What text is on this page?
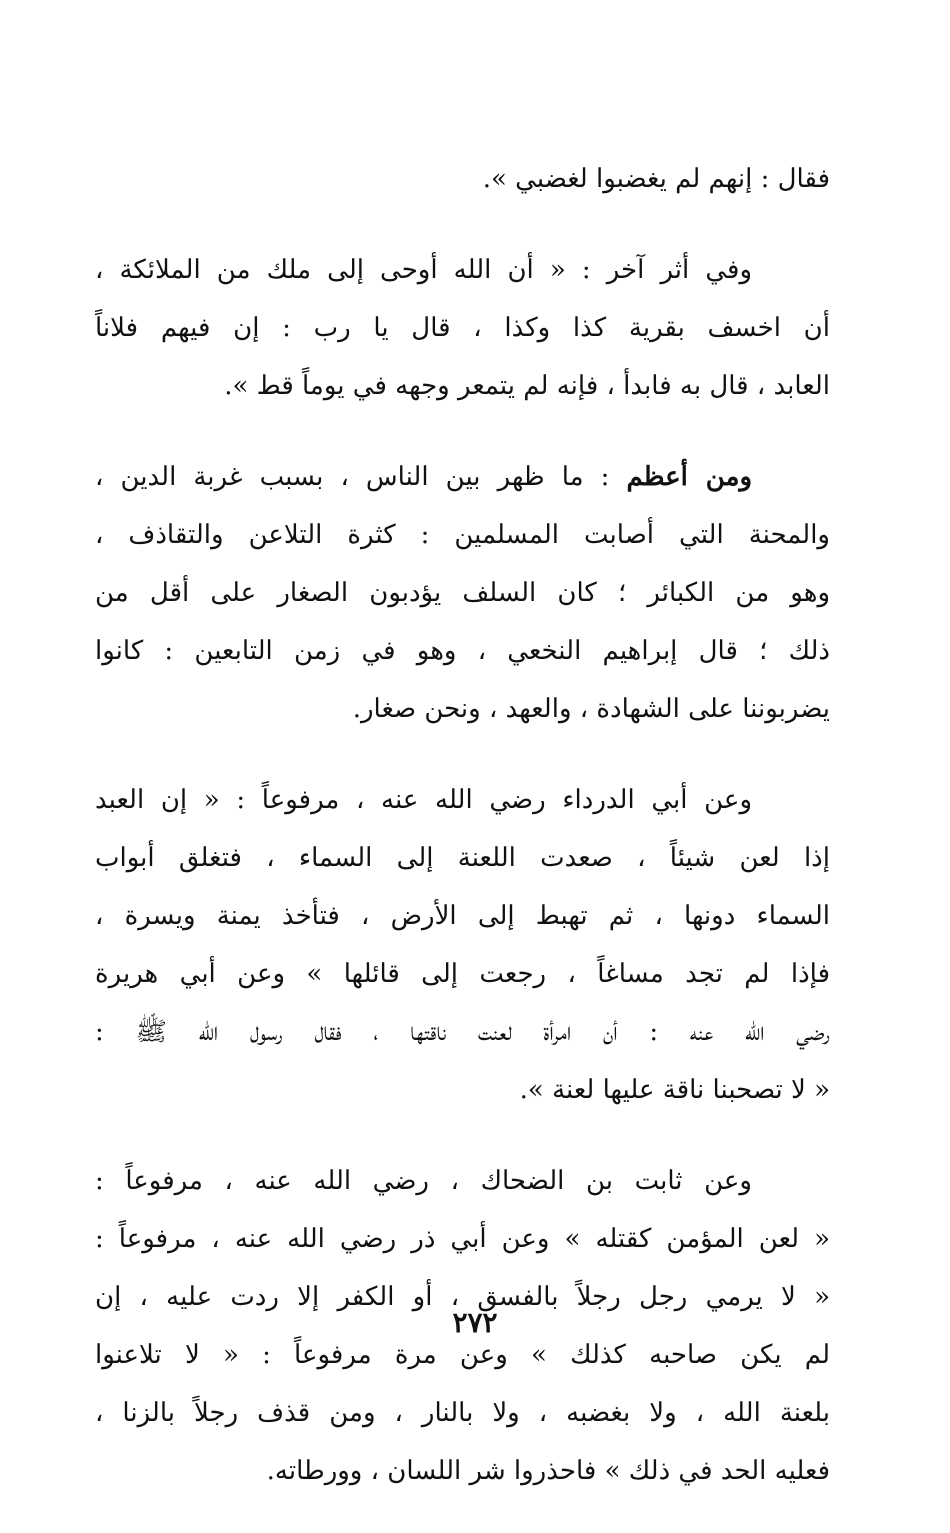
فقال : إنهم لم يغضبوا لغضبي ».
وفي أثر آخر : « أن الله أوحى إلى ملك من الملائكة ،
أن اخسف بقرية كذا وكذا ، قال يا رب : إن فيهم فلاناً
العابد ، قال به فابدأ ، فإنه لم يتمعر وجهه في يوماً قط ».
ومن أعظم : ما ظهر بين الناس ، بسبب غربة الدين ،
والمحنة التي أصابت المسلمين : كثرة التلاعن والتقاذف ،
وهو من الكبائر ؛ كان السلف يؤدبون الصغار على أقل من
ذلك ؛ قال إبراهيم النخعي ، وهو في زمن التابعين : كانوا
يضربوننا على الشهادة ، والعهد ، ونحن صغار.
وعن أبي الدرداء رضي الله عنه ، مرفوعاً : « إن العبد
إذا لعن شيئاً ، صعدت اللعنة إلى السماء ، فتغلق أبواب
السماء دونها ، ثم تهبط إلى الأرض ، فتأخذ يمنة ويسرة ،
فإذا لم تجد مساغاً ، رجعت إلى قائلها » وعن أبي هريرة
رضي الله عنه : أن امرأة لعنت ناقتها ، فقال رسول الله ﷺ :
« لا تصحبنا ناقة عليها لعنة ».
وعن ثابت بن الضحاك ، رضي الله عنه ، مرفوعاً :
« لعن المؤمن كقتله » وعن أبي ذر رضي الله عنه ، مرفوعاً :
« لا يرمي رجل رجلاً بالفسق ، أو الكفر إلا ردت عليه ، إن
لم يكن صاحبه كذلك » وعن مرة مرفوعاً : « لا تلاعنوا
بلعنة الله ، ولا بغضبه ، ولا بالنار ، ومن قذف رجلاً بالزنا ،
فعليه الحد في ذلك » فاحذروا شر اللسان ، وورطاته.
٢٧٢
